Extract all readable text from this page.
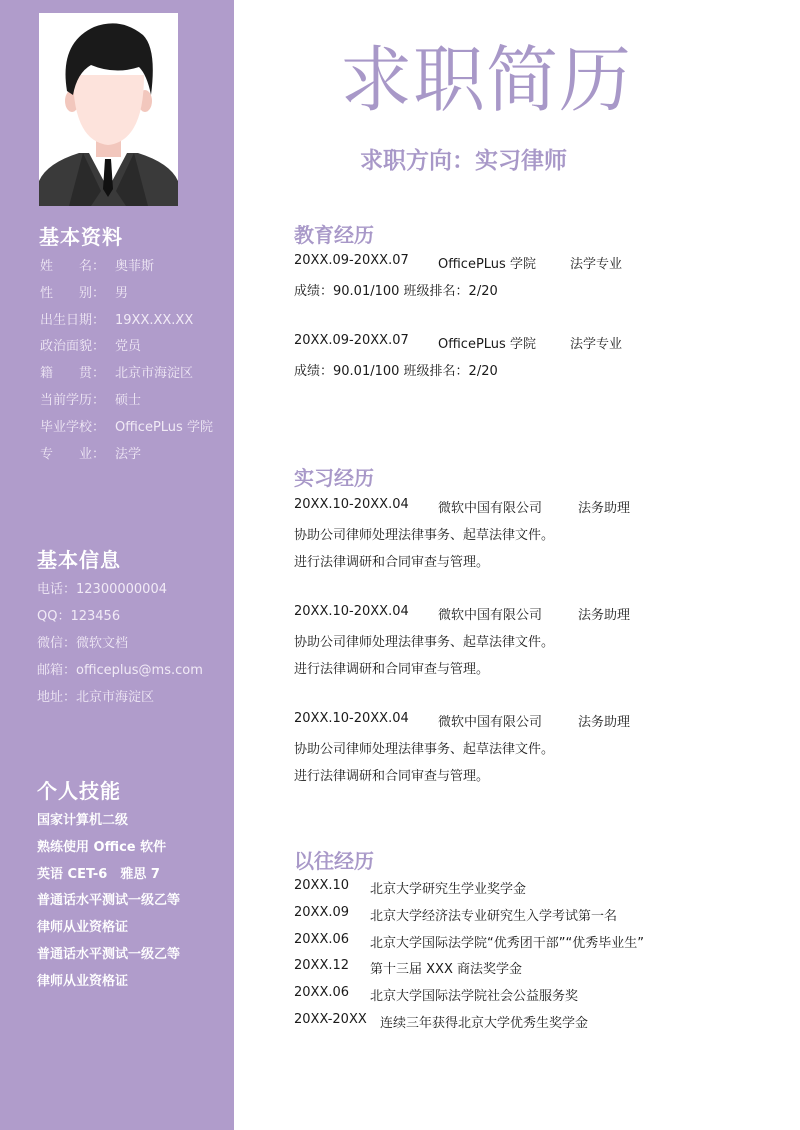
基本资料
姓　　名： 奥菲斯
性　　别： 男
出生日期： 19XX.XX.XX
政治面貌： 党员
籍　　贯： 北京市海淀区
当前学历： 硕士
毕业学校： OfficePLus 学院
专　　业： 法学
基本信息
电话：12300000004
QQ：123456
微信：微软文档
邮箱：officeplus@ms.com
地址：北京市海淀区
个人技能
国家计算机二级
熟练使用 Office 软件
英语 CET-6　雅思 7
普通话水平测试一级乙等
律师从业资格证
普通话水平测试一级乙等
律师从业资格证
求职简历
求职方向：实习律师
教育经历
20XX.09-20XX.07 OfficePLus 学院	法学专业
成绩：90.01/100 班级排名：2/20
20XX.09-20XX.07 OfficePLus 学院	法学专业
成绩：90.01/100 班级排名：2/20
实习经历
20XX.10-20XX.04 微软中国有限公司	法务助理
协助公司律师处理法律事务、起草法律文件。
进行法律调研和合同审查与管理。
20XX.10-20XX.04 微软中国有限公司	法务助理
协助公司律师处理法律事务、起草法律文件。
进行法律调研和合同审查与管理。
20XX.10-20XX.04 微软中国有限公司	法务助理
协助公司律师处理法律事务、起草法律文件。
进行法律调研和合同审查与管理。
以往经历
20XX.10 北京大学研究生学业奖学金
20XX.09 北京大学经济法专业研究生入学考试第一名
20XX.06 北京大学国际法学院“优秀团干部”“优秀毕业生”
20XX.12 第十三届 XXX 商法奖学金
20XX.06 北京大学国际法学院社会公益服务奖
20XX-20XX 连续三年获得北京大学优秀生奖学金
